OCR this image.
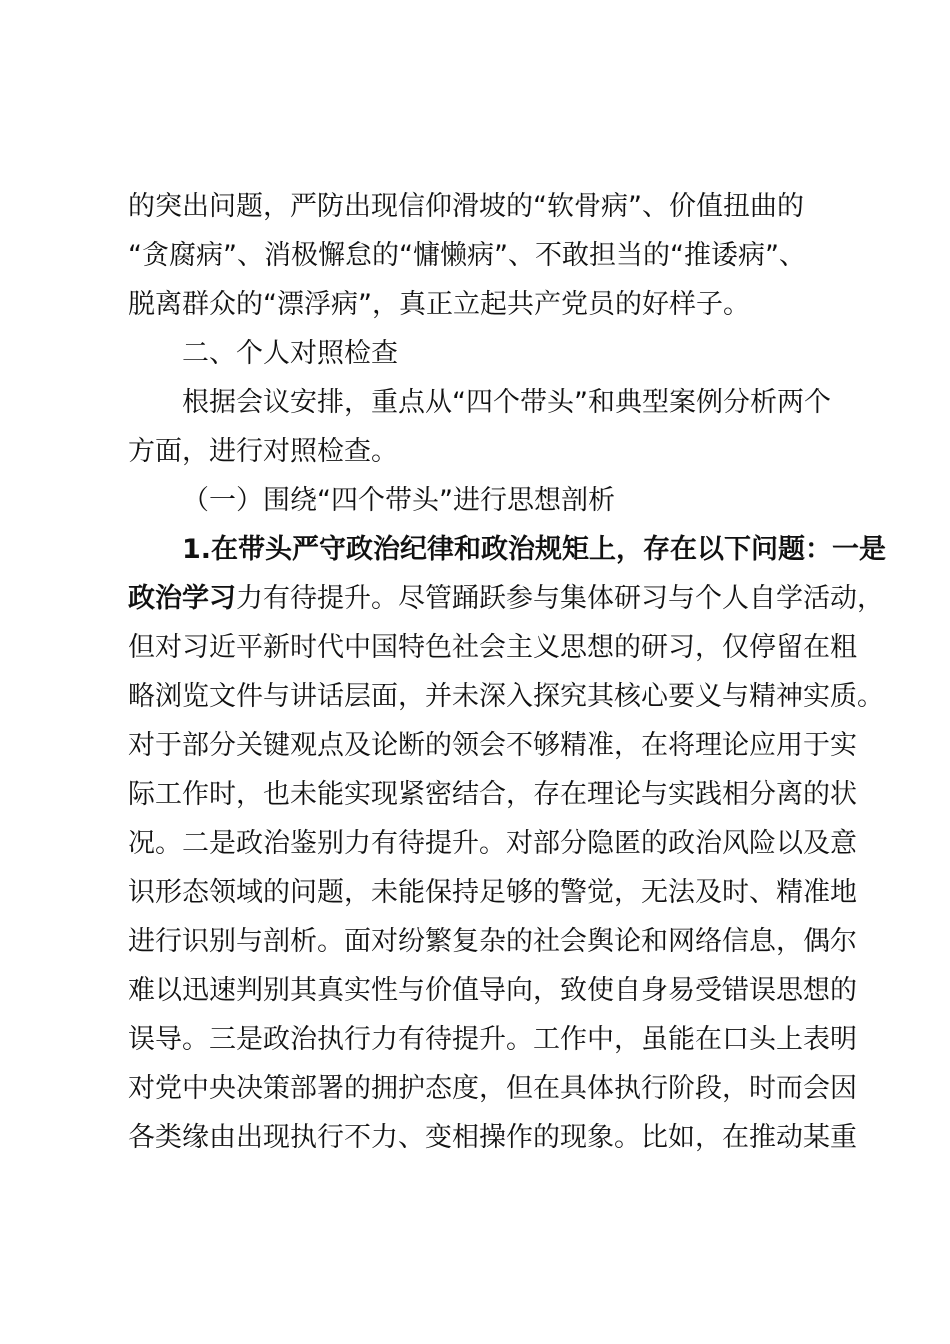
的突出问题，严防出现信仰滑坡的“软骨病”、价值扭曲的
“贪腐病”、消极懈怠的“慵懒病”、不敢担当的“推诿病”、
脱离群众的“漂浮病”，真正立起共产党员的好样子。
二、个人对照检查
根据会议安排，重点从“四个带头”和典型案例分析两个
方面，进行对照检查。
（一）围绕“四个带头”进行思想剖析
1.在带头严守政治纪律和政治规矩上，存在以下问题：一是
政治学习力有待提升。尽管踊跃参与集体研习与个人自学活动，
但对习近平新时代中国特色社会主义思想的研习，仅停留在粗
略浏览文件与讲话层面，并未深入探究其核心要义与精神实质。
对于部分关键观点及论断的领会不够精准，在将理论应用于实
际工作时，也未能实现紧密结合，存在理论与实践相分离的状
况。二是政治鉴别力有待提升。对部分隐匿的政治风险以及意
识形态领域的问题，未能保持足够的警觉，无法及时、精准地
进行识别与剖析。面对纷繁复杂的社会舆论和网络信息，偶尔
难以迅速判别其真实性与价值导向，致使自身易受错误思想的
误导。三是政治执行力有待提升。工作中，虽能在口头上表明
对党中央决策部署的拥护态度，但在具体执行阶段，时而会因
各类缘由出现执行不力、变相操作的现象。比如，在推动某重
